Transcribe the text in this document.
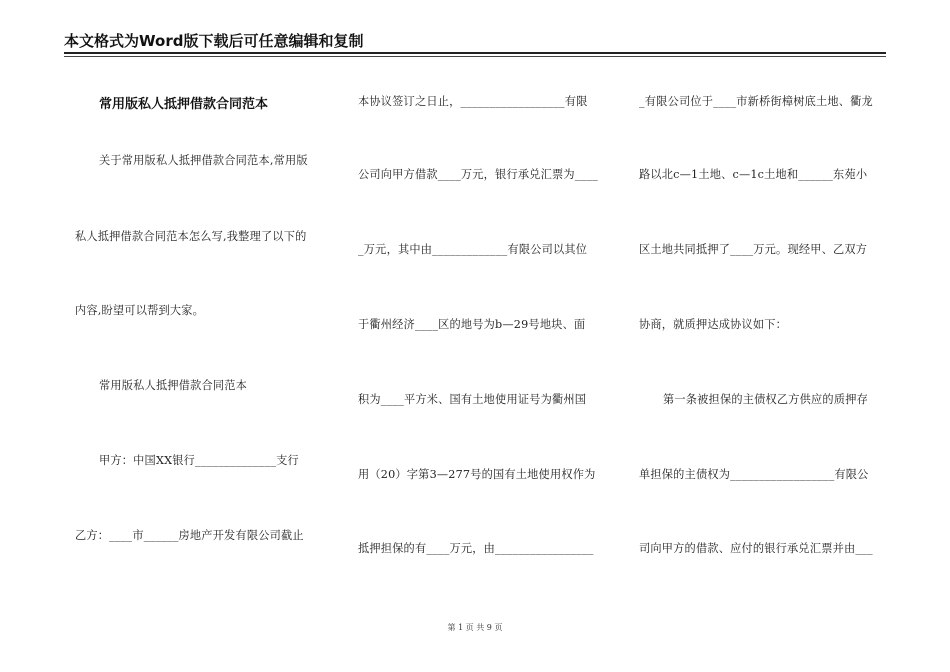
本文格式为Word版下载后可任意编辑和复制
常用版私人抵押借款合同范本
关于常用版私人抵押借款合同范本,常用版
私人抵押借款合同范本怎么写,我整理了以下的
内容,盼望可以帮到大家。
常用版私人抵押借款合同范本
甲方：中国XX银行______________支行
乙方：____市______房地产开发有限公司截止
本协议签订之日止，__________________有限
公司向甲方借款____万元，银行承兑汇票为____
_万元，其中由_____________有限公司以其位
于衢州经济____区的地号为b—29号地块、面
积为____平方米、国有土地使用证号为衢州国
用（20）字第3—277号的国有土地使用权作为
抵押担保的有____万元，由_________________
_有限公司位于____市新桥街樟树底土地、衢龙
路以北c—1土地、c—1c土地和______东苑小
区土地共同抵押了____万元。现经甲、乙双方
协商，就质押达成协议如下：
第一条被担保的主债权乙方供应的质押存
单担保的主债权为__________________有限公
司向甲方的借款、应付的银行承兑汇票并由___
第 1 页 共 9 页
